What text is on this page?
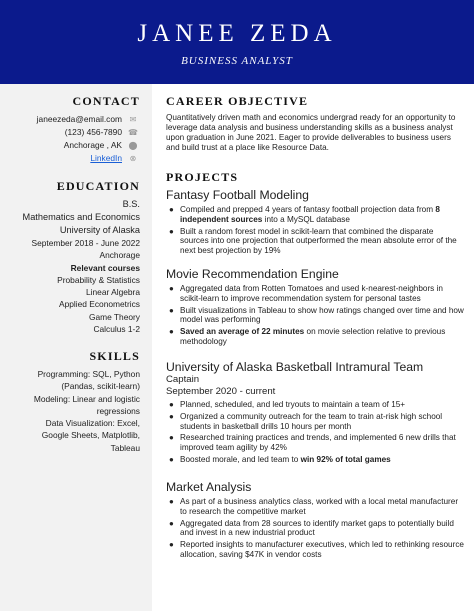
JANEE ZEDA
BUSINESS ANALYST
CONTACT
janeezeda@email.com ✉
(123) 456-7890 ☎
Anchorage , AK ⬤
LinkedIn ⊗
EDUCATION
B.S.
Mathematics and Economics
University of Alaska
September 2018 - June 2022
Anchorage
Relevant courses
Probability & Statistics
Linear Algebra
Applied Econometrics
Game Theory
Calculus 1-2
SKILLS
Programming: SQL, Python
(Pandas, scikit-learn)
Modeling: Linear and logistic
regressions
Data Visualization: Excel,
Google Sheets, Matplotlib,
Tableau
CAREER OBJECTIVE

Quantitatively driven math and economics undergrad ready for an opportunity to leverage data analysis and business understanding skills as a business analyst upon graduation in June 2021. Eager to provide deliverables to business users and build trust at a place like Resource Data.

PROJECTS
Fantasy Football Modeling
● Compiled and prepped 4 years of fantasy football projection data from 8 independent sources into a MySQL database
● Built a random forest model in scikit-learn that combined the disparate sources into one projection that outperformed the mean absolute error of the next best projection by 19%
Movie Recommendation Engine
● Aggregated data from Rotten Tomatoes and used k-nearest-neighbors in scikit-learn to improve recommendation system for personal tastes
● Built visualizations in Tableau to show how ratings changed over time and how model was performing
● Saved an average of 22 minutes on movie selection relative to previous methodology
University of Alaska Basketball Intramural Team
Captain
September 2020 - current
● Planned, scheduled, and led tryouts to maintain a team of 15+
● Organized a community outreach for the team to train at-risk high school students in basketball drills 10 hours per month
● Researched training practices and trends, and implemented 6 new drills that improved team agility by 42%
● Boosted morale, and led team to win 92% of total games
Market Analysis
● As part of a business analytics class, worked with a local metal manufacturer to research the competitive market
● Aggregated data from 28 sources to identify market gaps to potentially build and invest in a new industrial product
● Reported insights to manufacturer executives, which led to rethinking resource allocation, saving $47K in vendor costs
